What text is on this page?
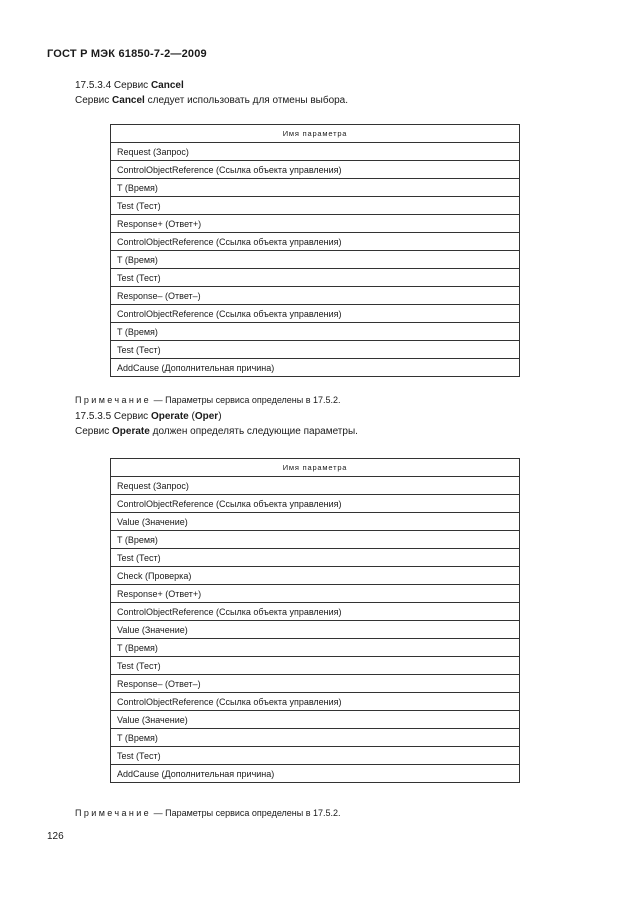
ГОСТ Р МЭК 61850-7-2—2009
17.5.3.4 Сервис Cancel
Сервис Cancel следует использовать для отмены выбора.
Имя параметра
Request (Запрос)
ControlObjectReference (Ссылка объекта управления)
T (Время)
Test (Тест)
Response+ (Ответ+)
ControlObjectReference (Ссылка объекта управления)
T (Время)
Test (Тест)
Response– (Ответ–)
ControlObjectReference (Ссылка объекта управления)
T (Время)
Test (Тест)
AddCause (Дополнительная причина)
Примечание — Параметры сервиса определены в 17.5.2.
17.5.3.5 Сервис Operate (Oper)
Сервис Operate должен определять следующие параметры.
Имя параметра
Request (Запрос)
ControlObjectReference (Ссылка объекта управления)
Value (Значение)
T (Время)
Test (Тест)
Check (Проверка)
Response+ (Ответ+)
ControlObjectReference (Ссылка объекта управления)
Value (Значение)
T (Время)
Test (Тест)
Response– (Ответ–)
ControlObjectReference (Ссылка объекта управления)
Value (Значение)
T (Время)
Test (Тест)
AddCause (Дополнительная причина)
Примечание — Параметры сервиса определены в 17.5.2.
126
